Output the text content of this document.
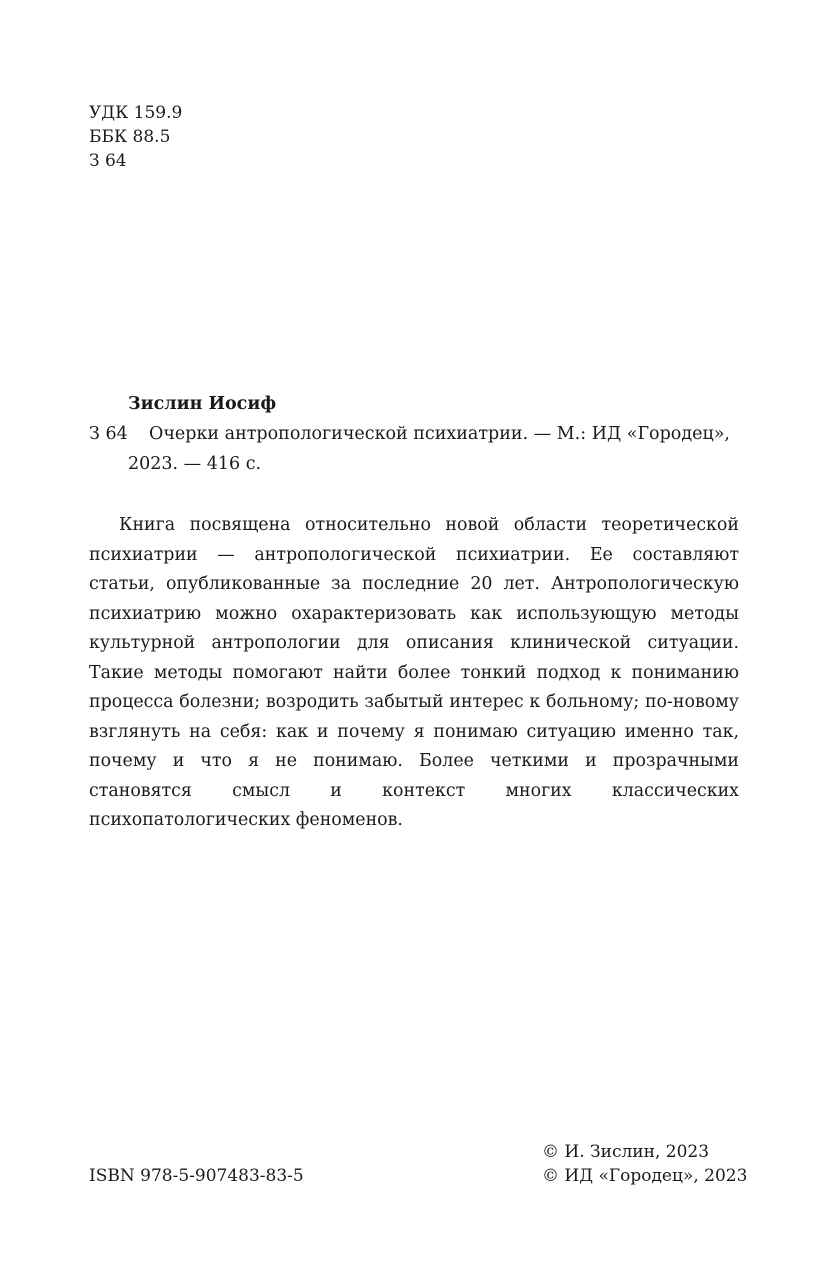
УДК 159.9
ББК 88.5
З 64
Зислин Иосиф
З 64 Очерки антропологической психиатрии. — М.: ИД «Городец»,
2023. — 416 с.

Книга посвящена относительно новой области теоретической психиатрии — антропологической психиатрии. Ее составляют статьи, опубликованные за последние 20 лет. Антропологическую психиатрию можно охарактеризовать как использующую методы культурной антропологии для описания клинической ситуации. Такие методы помогают найти более тонкий подход к пониманию процесса болезни; возродить забытый интерес к больному; по-новому взглянуть на себя: как и почему я понимаю ситуацию именно так, почему и что я не понимаю. Более четкими и прозрачными становятся смысл и контекст многих классических психопатологических феноменов.

ISBN 978-5-907483-83-5
© И. Зислин, 2023
© ИД «Городец», 2023
